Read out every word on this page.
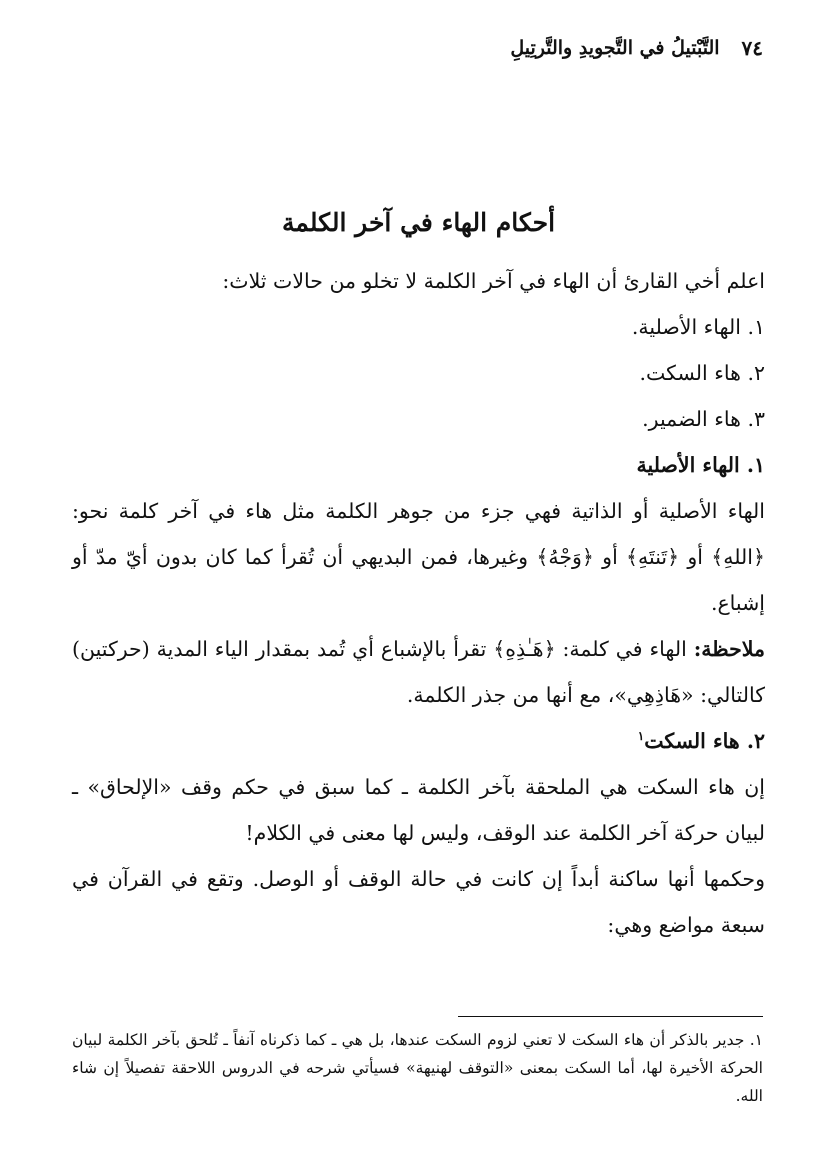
٧٤
التَّبْتيلُ في التَّجويدِ والتَّرتِيلِ
أحكام الهاء في آخر الكلمة

اعلم أخي القارئ أن الهاء في آخر الكلمة لا تخلو من حالات ثلاث:

١. الهاء الأصلية.

٢. هاء السكت.

٣. هاء الضمير.

١. الهاء الأصلية

الهاء الأصلية أو الذاتية فهي جزء من جوهر الكلمة مثل هاء في آخر كلمة نحو: ﴿اللهِ﴾ أو ﴿تَنتَهِ﴾ أو ﴿وَجْهُ﴾ وغيرها، فمن البديهي أن تُقرأ كما كان بدون أيّ مدّ أو إشباع.

ملاحظة: الهاء في كلمة: ﴿هَـٰذِهِ﴾ تقرأ بالإشباع أي تُمد بمقدار الياء المدية (حركتين) كالتالي: «هَاذِهِي»، مع أنها من جذر الكلمة.

٢. هاء السكت$^١$

إن هاء السكت هي الملحقة بآخر الكلمة ـ كما سبق في حكم وقف «الإلحاق» ـ لبيان حركة آخر الكلمة عند الوقف، وليس لها معنى في الكلام!

وحكمها أنها ساكنة أبداً إن كانت في حالة الوقف أو الوصل. وتقع في القرآن في سبعة مواضع وهي:

١. جدير بالذكر أن هاء السكت لا تعني لزوم السكت عندها، بل هي ـ كما ذكرناه آنفاً ـ تُلحق بآخر الكلمة لبيان الحركة الأخيرة لها، أما السكت بمعنى «التوقف لهنيهة» فسيأتي شرحه في الدروس اللاحقة تفصيلاً إن شاء الله.
